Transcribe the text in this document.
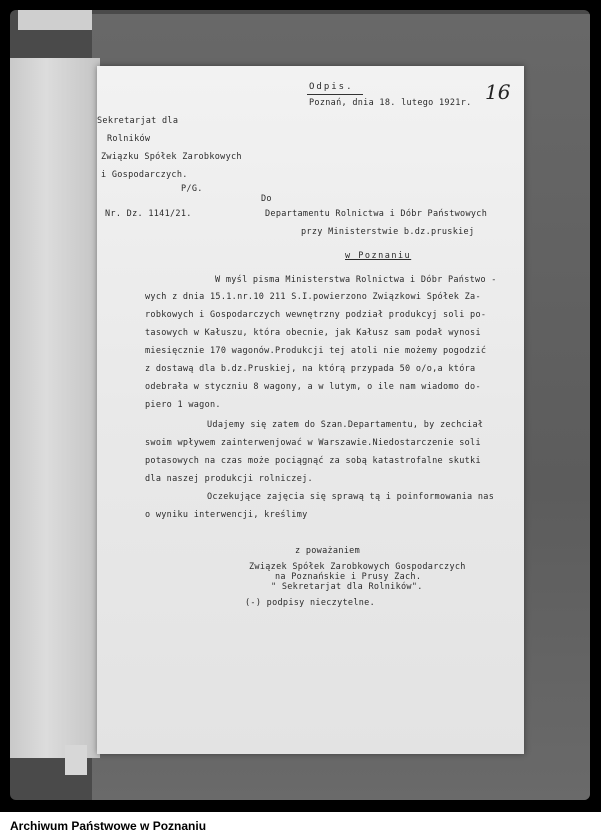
Odpis.
Poznań, dnia 18. lutego 1921r. 16
Sekretarjat dla
Rolników
Związku Spółek Zarobkowych
i Gospodarczych.
P/G.
Do
Nr. Dz. 1141/21.	Departamentu Rolnictwa i Dóbr Państwowych
przy Ministerstwie b.dz.pruskiej
w Poznaniu
W myśl pisma Ministerstwa Rolnictwa i Dóbr Państwo -
wych z dnia 15.1.nr.10 211 S.I.powierzono Związkowi Spółek Za-
robkowych i Gospodarczych wewnętrzny podział produkcyj soli po-
tasowych w Kałuszu, która obecnie, jak Kałusz sam podał wynosi
miesięcznie 170 wagonów.Produkcji tej atoli nie możemy pogodzić
z dostawą dla b.dz.Pruskiej, na którą przypada 50 o/o,a która
odebrała w styczniu 8 wagony, a w lutym, o ile nam wiadomo do-
piero 1 wagon.
Udajemy się zatem do Szan.Departamentu, by zechciał
swoim wpływem zainterwenjować w Warszawie.Niedostarczenie soli
potasowych na czas może pociągnąć za sobą katastrofalne skutki
dla naszej produkcji rolniczej.
Oczekujące zajęcia się sprawą tą i poinformowania nas
o wyniku interwencji, kreślimy
z poważaniem
Związek Spółek Zarobkowych Gospodarczych
na Poznańskie i Prusy Zach.
" Sekretarjat dla Rolników".
(-) podpisy nieczytelne.
Archiwum Państwowe w Poznaniu
